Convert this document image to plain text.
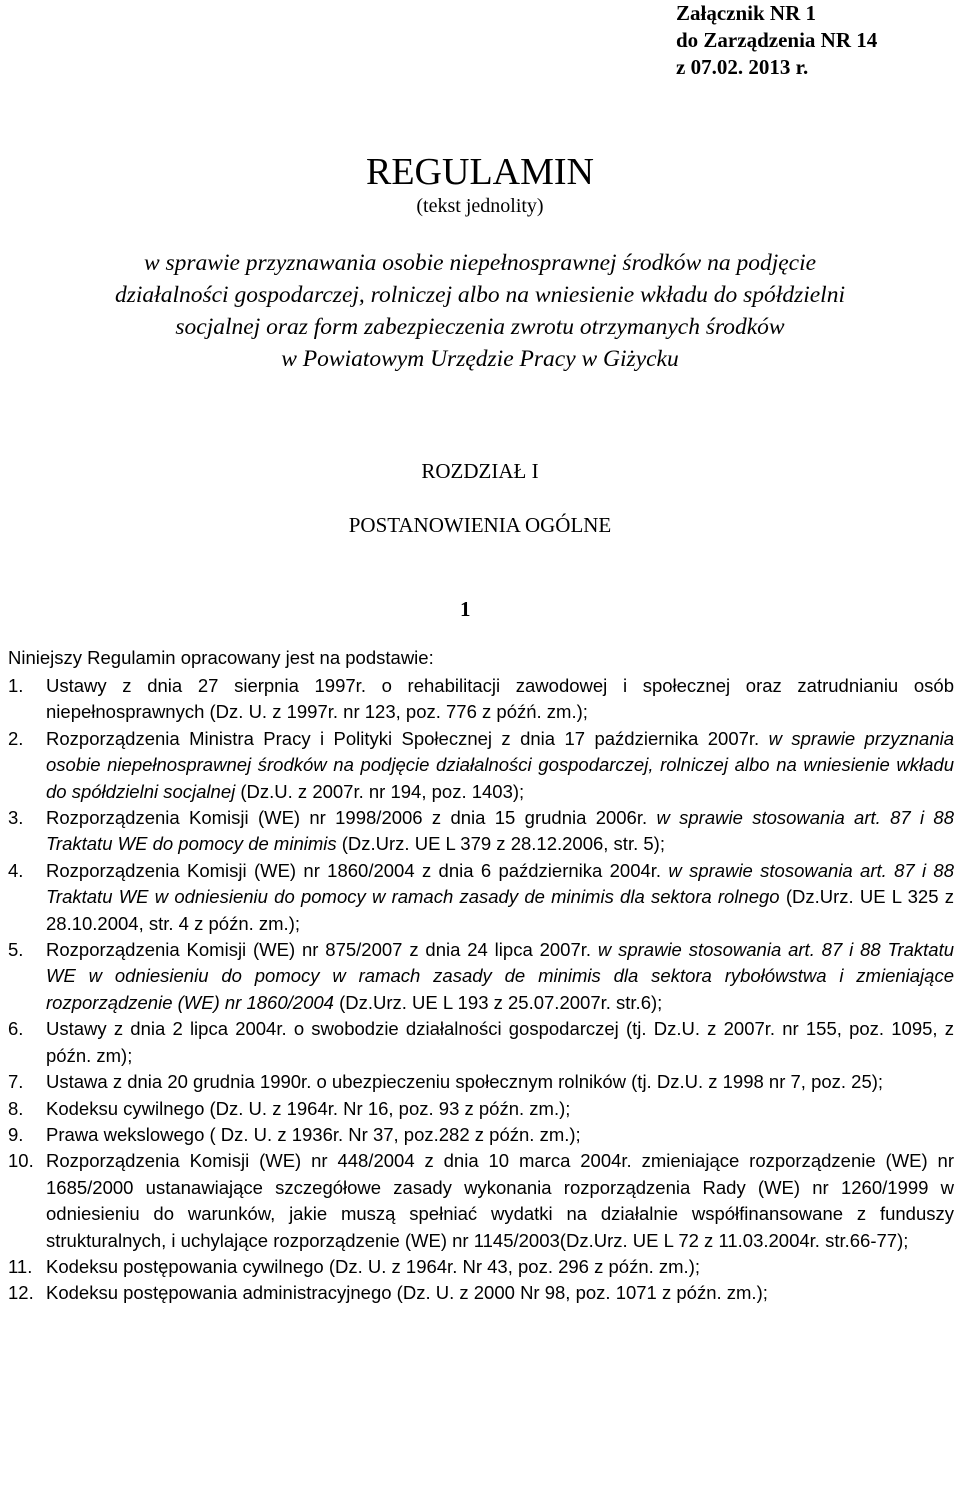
Załącznik NR 1
do Zarządzenia NR 14
z 07.02. 2013 r.
REGULAMIN
(tekst jednolity)
w sprawie przyznawania osobie niepełnosprawnej środków na podjęcie
działalności gospodarczej, rolniczej albo na wniesienie wkładu do spółdzielni
socjalnej oraz form zabezpieczenia zwrotu otrzymanych środków
w Powiatowym Urzędzie Pracy w Giżycku
ROZDZIAŁ I
POSTANOWIENIA OGÓLNE
1
Niniejszy Regulamin opracowany jest na podstawie:
1.	Ustawy z dnia 27 sierpnia 1997r. o rehabilitacji zawodowej i społecznej oraz zatrudnianiu osób niepełnosprawnych (Dz. U. z 1997r. nr 123, poz. 776 z późń. zm.);
2.	Rozporządzenia Ministra Pracy i Polityki Społecznej z dnia 17 października 2007r. w sprawie przyznania osobie niepełnosprawnej środków na podjęcie działalności gospodarczej, rolniczej albo na wniesienie wkładu do spółdzielni socjalnej (Dz.U. z 2007r. nr 194, poz. 1403);
3.	Rozporządzenia Komisji (WE) nr 1998/2006 z dnia 15 grudnia 2006r. w sprawie stosowania art. 87 i 88 Traktatu WE do pomocy de minimis (Dz.Urz. UE L 379 z 28.12.2006, str. 5);
4.	Rozporządzenia Komisji (WE) nr 1860/2004 z dnia 6 października 2004r. w sprawie stosowania art. 87 i 88 Traktatu WE w odniesieniu do pomocy w ramach zasady de minimis dla sektora rolnego (Dz.Urz. UE L 325 z 28.10.2004, str. 4 z późn. zm.);
5.	Rozporządzenia Komisji (WE) nr 875/2007 z dnia 24 lipca 2007r. w sprawie stosowania art. 87 i 88 Traktatu WE w odniesieniu do pomocy w ramach zasady de minimis dla sektora rybołówstwa i zmieniające rozporządzenie (WE) nr 1860/2004 (Dz.Urz. UE L 193 z 25.07.2007r. str.6);
6.	Ustawy z dnia 2 lipca 2004r. o swobodzie działalności gospodarczej (tj. Dz.U. z 2007r. nr 155, poz. 1095, z późn. zm);
7.	Ustawa z dnia 20 grudnia 1990r. o ubezpieczeniu społecznym rolników (tj. Dz.U. z 1998 nr 7, poz. 25);
8.	Kodeksu cywilnego (Dz. U. z 1964r. Nr 16, poz. 93 z późn. zm.);
9.	Prawa wekslowego ( Dz. U. z 1936r. Nr 37, poz.282 z późn. zm.);
10. Rozporządzenia Komisji (WE) nr 448/2004 z dnia 10 marca 2004r. zmieniające rozporządzenie (WE) nr 1685/2000 ustanawiające szczegółowe zasady wykonania rozporządzenia Rady (WE) nr 1260/1999 w odniesieniu do warunków, jakie muszą spełniać wydatki na działalnie współfinansowane z funduszy strukturalnych, i uchylające rozporządzenie (WE) nr 1145/2003(Dz.Urz. UE L 72 z 11.03.2004r. str.66-77);
11. Kodeksu postępowania cywilnego (Dz. U. z 1964r. Nr 43, poz. 296 z późn. zm.);
12. Kodeksu postępowania administracyjnego (Dz. U. z 2000 Nr 98, poz. 1071 z późn. zm.);
